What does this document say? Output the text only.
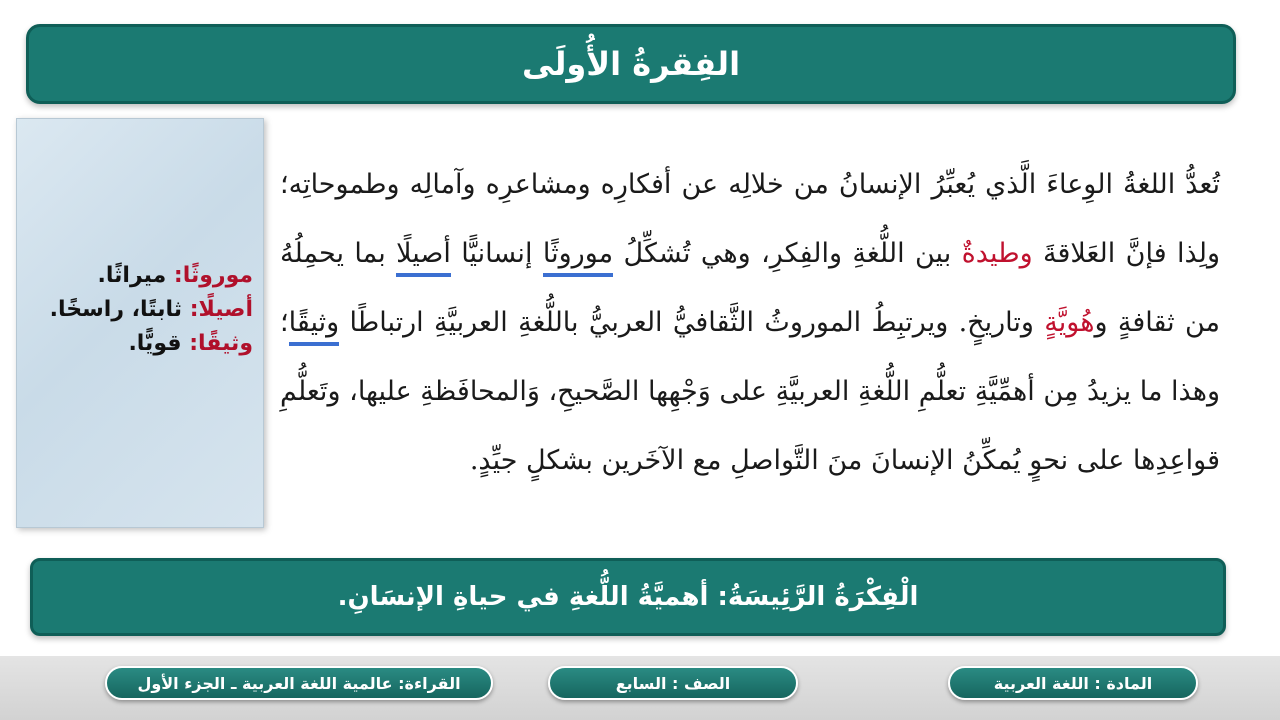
الفِقرةُ الأُولَى
موروثًا: ميراثًا.
أصيلًا: ثابتًا، راسخًا.
وثيقًا: قويًّا.
تُعدُّ اللغةُ الوِعاءَ الَّذي يُعبِّرُ الإنسانُ من خلالِه عن أفكارِه ومشاعرِه وآمالِه وطموحاتِه؛ ولِذا فإنَّ العَلاقةَ وطيدةٌ بين اللُّغةِ والفِكرِ، وهي تُشكِّلُ موروثًا إنسانيًّا أصيلًا بما يحمِلُهُ من ثقافةٍ وهُويَّةٍ وتاريخٍ. ويرتبِطُ الموروثُ الثَّقافيُّ العربيُّ باللُّغةِ العربيَّةِ ارتباطًا وثيقًا؛ وهذا ما يزيدُ مِن أهمِّيَّةِ تعلُّمِ اللُّغةِ العربيَّةِ على وَجْهِها الصَّحيحِ، وَالمحافَظةِ عليها، وتَعلُّمِ قواعِدِها على نحوٍ يُمكِّنُ الإنسانَ منَ التَّواصلِ مع الآخَرين بشكلٍ جيِّدٍ.
الْفِكْرَةُ الرَّئِيسَةُ: أهميَّةُ اللُّغةِ في حياةِ الإنسَانِ.
المادة : اللغة العربية
الصف : السابع
القراءة: عالمية اللغة العربية ـ الجزء الأول
